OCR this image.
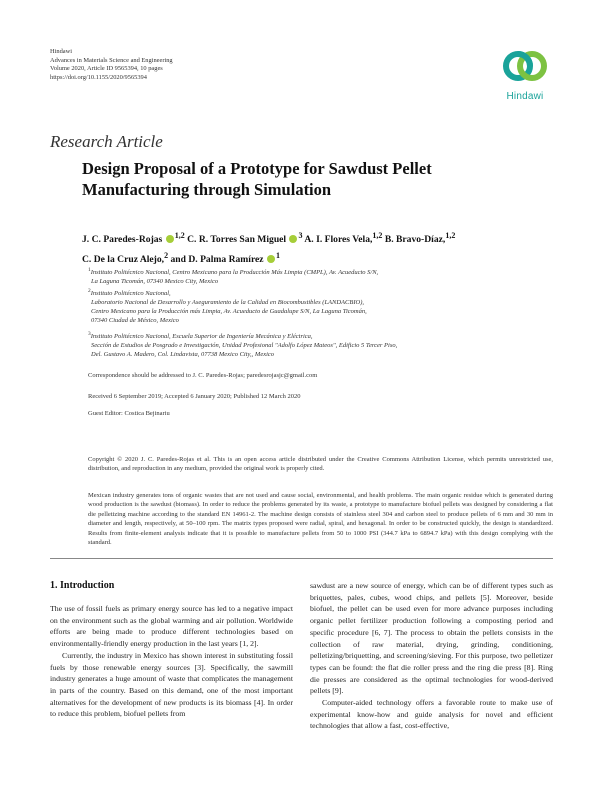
Hindawi
Advances in Materials Science and Engineering
Volume 2020, Article ID 9565394, 10 pages
https://doi.org/10.1155/2020/9565394
Hindawi
Research Article
Design Proposal of a Prototype for Sawdust Pellet
Manufacturing through Simulation
J. C. Paredes-Rojas $^{1,2}$ C. R. Torres San Miguel $^3$ A. I. Flores Vela,$^{1,2}$ B. Bravo-Díaz,$^{1,2}$
C. De la Cruz Alejo,$^2$ and D. Palma Ramírez $^1$
$^1$Instituto Politécnico Nacional, Centro Mexicano para la Producción Más Limpia (CMPL), Av. Acueducto S/N,
La Laguna Ticomán, 07340 Mexico City, Mexico
$^2$Instituto Politécnico Nacional,
Laboratorio Nacional de Desarrollo y Aseguramiento de la Calidad en Biocombustibles (LANDACBIO),
Centro Mexicano para la Producción más Limpia, Av. Acueducto de Guadalupe S/N, La Laguna Ticomán,
07340 Ciudad de México, Mexico
$^3$Instituto Politécnico Nacional, Escuela Superior de Ingeniería Mecánica y Eléctrica,
Sección de Estudios de Posgrado e Investigación, Unidad Profesional "Adolfo López Mateos", Edificio 5 Tercer Piso,
Del. Gustavo A. Madero, Col. Lindavista, 07738 Mexico City,, Mexico
Correspondence should be addressed to J. C. Paredes-Rojas; paredesrojasjc@gmail.com
Received 6 September 2019; Accepted 6 January 2020; Published 12 March 2020
Guest Editor: Costica Bejinariu
Copyright © 2020 J. C. Paredes-Rojas et al. This is an open access article distributed under the Creative Commons Attribution License, which permits unrestricted use, distribution, and reproduction in any medium, provided the original work is properly cited.
Mexican industry generates tons of organic wastes that are not used and cause social, environmental, and health problems. The main organic residue which is generated during wood production is the sawdust (biomass). In order to reduce the problems generated by its waste, a prototype to manufacture biofuel pellets was designed by considering a flat die pelletizing machine according to the standard EN 14961-2. The machine design consists of stainless steel 304 and carbon steel to produce pellets of 6 mm and 30 mm in diameter and length, respectively, at 50–100 rpm. The matrix types proposed were radial, spiral, and hexagonal. In order to be constructed quickly, the design is standardized. Results from finite-element analysis indicate that it is possible to manufacture pellets from 50 to 1000 PSI (344.7 kPa to 6894.7 kPa) with this design complying with the standard.
1. Introduction

The use of fossil fuels as primary energy source has led to a negative impact on the environment such as the global warming and air pollution. Worldwide efforts are being made to produce different technologies based on environmentally-friendly energy production in the last years [1, 2].

Currently, the industry in Mexico has shown interest in substituting fossil fuels by those renewable energy sources [3]. Specifically, the sawmill industry generates a huge amount of waste that complicates the management in parts of the country. Based on this demand, one of the most important alternatives for the development of new products is its biomass [4]. In order to reduce this problem, biofuel pellets from

sawdust are a new source of energy, which can be of different types such as briquettes, pales, cubes, wood chips, and pellets [5]. Moreover, beside biofuel, the pellet can be used even for more advance purposes including organic pellet fertilizer production following a composting period and specific procedure [6, 7]. The process to obtain the pellets consists in the collection of raw material, drying, grinding, conditioning, pelletizing/briquetting, and screening/sieving. For this purpose, two pelletizer types can be found: the flat die roller press and the ring die press [8]. Ring die presses are considered as the optimal technologies for wood-derived pellets [9].

Computer-aided technology offers a favorable route to make use of experimental know-how and guide analysis for novel and efficient technologies that allow a fast, cost-effective,
